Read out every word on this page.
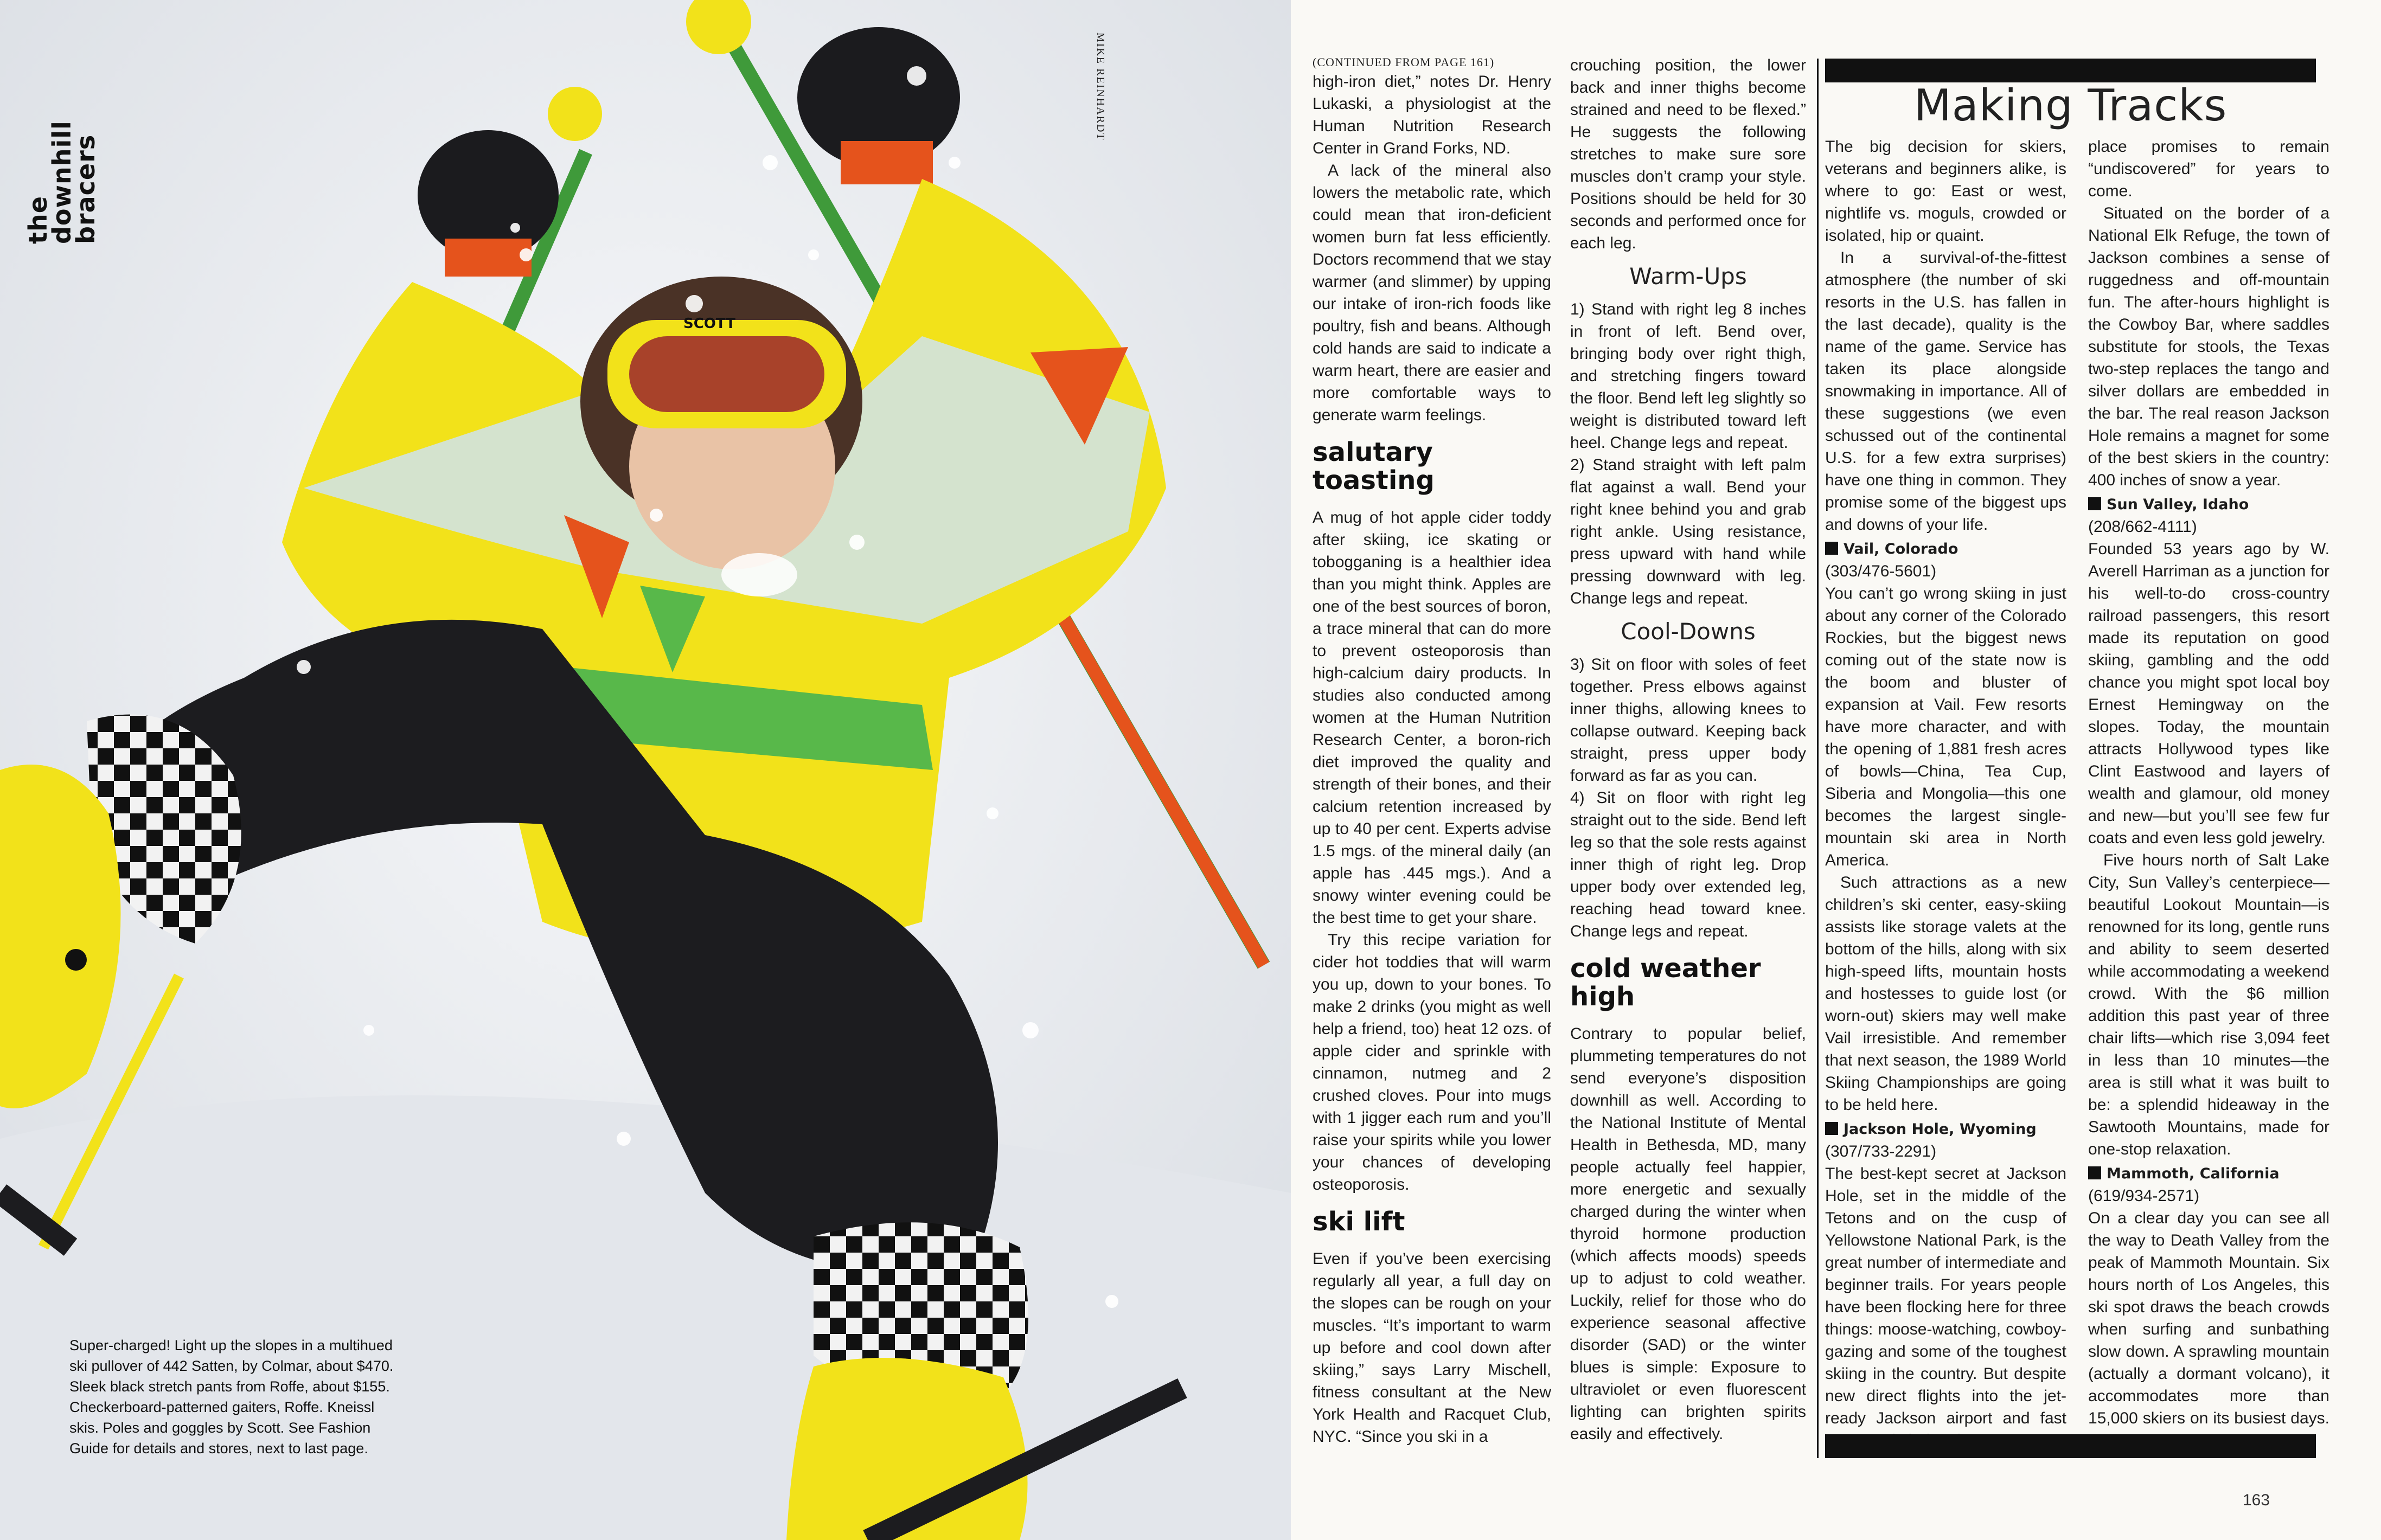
SCOTT
the downhill
bracers
MIKE REINHARDT
Super-charged! Light up the slopes in a multihued ski pullover of 442 Satten, by Colmar, about $470. Sleek black stretch pants from Roffe, about $155. Checkerboard-patterned gaiters, Roffe. Kneissl skis. Poles and goggles by Scott. See Fashion Guide for details and stores, next to last page.
(CONTINUED FROM PAGE 161)

high-iron diet,” notes Dr. Henry Lukaski, a physiologist at the Human Nutrition Research Center in Grand Forks, ND.

A lack of the mineral also lowers the metabolic rate, which could mean that iron-deficient women burn fat less efficiently. Doctors recommend that we stay warmer (and slimmer) by upping our intake of iron-rich foods like poultry, fish and beans. Although cold hands are said to indicate a warm heart, there are easier and more comfortable ways to generate warm feelings.

salutary toasting

A mug of hot apple cider toddy after skiing, ice skating or tobogganing is a healthier idea than you might think. Apples are one of the best sources of boron, a trace mineral that can do more to prevent osteoporosis than high-calcium dairy products. In studies also conducted among women at the Human Nutrition Research Center, a boron-rich diet improved the quality and strength of their bones, and their calcium retention increased by up to 40 per cent. Experts advise 1.5 mgs. of the mineral daily (an apple has .445 mgs.). And a snowy winter evening could be the best time to get your share.

Try this recipe variation for cider hot toddies that will warm you up, down to your bones. To make 2 drinks (you might as well help a friend, too) heat 12 ozs. of apple cider and sprinkle with cinnamon, nutmeg and 2 crushed cloves. Pour into mugs with 1 jigger each rum and you’ll raise your spirits while you lower your chances of developing osteoporosis.

ski lift

Even if you’ve been exercising regularly all year, a full day on the slopes can be rough on your muscles. “It’s important to warm up before and cool down after skiing,” says Larry Mischell, fitness consultant at the New York Health and Racquet Club, NYC. “Since you ski in a

crouching position, the lower back and inner thighs become strained and need to be flexed.” He suggests the following stretches to make sure sore muscles don’t cramp your style. Positions should be held for 30 seconds and performed once for each leg.

Warm-Ups

1) Stand with right leg 8 inches in front of left. Bend over, bringing body over right thigh, and stretching fingers toward the floor. Bend left leg slightly so weight is distributed toward left heel. Change legs and repeat.

2) Stand straight with left palm flat against a wall. Bend your right knee behind you and grab right ankle. Using resistance, press upward with hand while pressing downward with leg. Change legs and repeat.

Cool-Downs

3) Sit on floor with soles of feet together. Press elbows against inner thighs, allowing knees to collapse outward. Keeping back straight, press upper body forward as far as you can.

4) Sit on floor with right leg straight out to the side. Bend left leg so that the sole rests against inner thigh of right leg. Drop upper body over extended leg, reaching head toward knee. Change legs and repeat.

cold weather high

Contrary to popular belief, plummeting temperatures do not send everyone’s disposition downhill as well. According to the National Institute of Mental Health in Bethesda, MD, many people actually feel happier, more energetic and sexually charged during the winter when thyroid hormone production (which affects moods) speeds up to adjust to cold weather. Luckily, relief for those who do experience seasonal affective disorder (SAD) or the winter blues is simple: Exposure to ultraviolet or even fluorescent lighting can brighten spirits easily and effectively.

Making Tracks

The big decision for skiers, veterans and beginners alike, is where to go: East or west, nightlife vs. moguls, crowded or isolated, hip or quaint.

In a survival-of-the-fittest atmosphere (the number of ski resorts in the U.S. has fallen in the last decade), quality is the name of the game. Service has taken its place alongside snowmaking in importance. All of these suggestions (we even schussed out of the continental U.S. for a few extra surprises) have one thing in common. They promise some of the biggest ups and downs of your life.

Vail, Colorado

(303/476-5601)

You can’t go wrong skiing in just about any corner of the Colorado Rockies, but the biggest news coming out of the state now is the boom and bluster of expansion at Vail. Few resorts have more character, and with the opening of 1,881 fresh acres of bowls—China, Tea Cup, Siberia and Mongolia—this one becomes the largest single-mountain ski area in North America.

Such attractions as a new children’s ski center, easy-skiing assists like storage valets at the bottom of the hills, along with six high-speed lifts, mountain hosts and hostesses to guide lost (or worn-out) skiers may well make Vail irresistible. And remember that next season, the 1989 World Skiing Championships are going to be held here.

Jackson Hole, Wyoming

(307/733-2291)

The best-kept secret at Jackson Hole, set in the middle of the Tetons and on the cusp of Yellowstone National Park, is the great number of intermediate and beginner trails. For years people have been flocking here for three things: moose-watching, cowboy-gazing and some of the toughest skiing in the country. But despite new direct flights into the jet-ready Jackson airport and fast

place promises to remain “undiscovered” for years to come.

Situated on the border of a National Elk Refuge, the town of Jackson combines a sense of ruggedness and off-mountain fun. The after-hours highlight is the Cowboy Bar, where saddles substitute for stools, the Texas two-step replaces the tango and silver dollars are embedded in the bar. The real reason Jackson Hole remains a magnet for some of the best skiers in the country: 400 inches of snow a year.

Sun Valley, Idaho

(208/662-4111)

Founded 53 years ago by W. Averell Harriman as a junction for his well-to-do cross-country railroad passengers, this resort made its reputation on good skiing, gambling and the odd chance you might spot local boy Ernest Hemingway on the slopes. Today, the mountain attracts Hollywood types like Clint Eastwood and layers of wealth and glamour, old money and new—but you’ll see few fur coats and even less gold jewelry.

Five hours north of Salt Lake City, Sun Valley’s centerpiece—beautiful Lookout Mountain—is renowned for its long, gentle runs and ability to seem deserted while accommodating a weekend crowd. With the $6 million addition this past year of three chair lifts—which rise 3,094 feet in less than 10 minutes—the area is still what it was built to be: a splendid hideaway in the Sawtooth Mountains, made for one-stop relaxation.

Mammoth, California

(619/934-2571)

On a clear day you can see all the way to Death Valley from the peak of Mammoth Mountain. Six hours north of Los Angeles, this ski spot draws the beach crowds when surfing and sunbathing slow down. A sprawling mountain (actually a dormant volcano), it accommodates more than 15,000 skiers on its busiest days.

163
